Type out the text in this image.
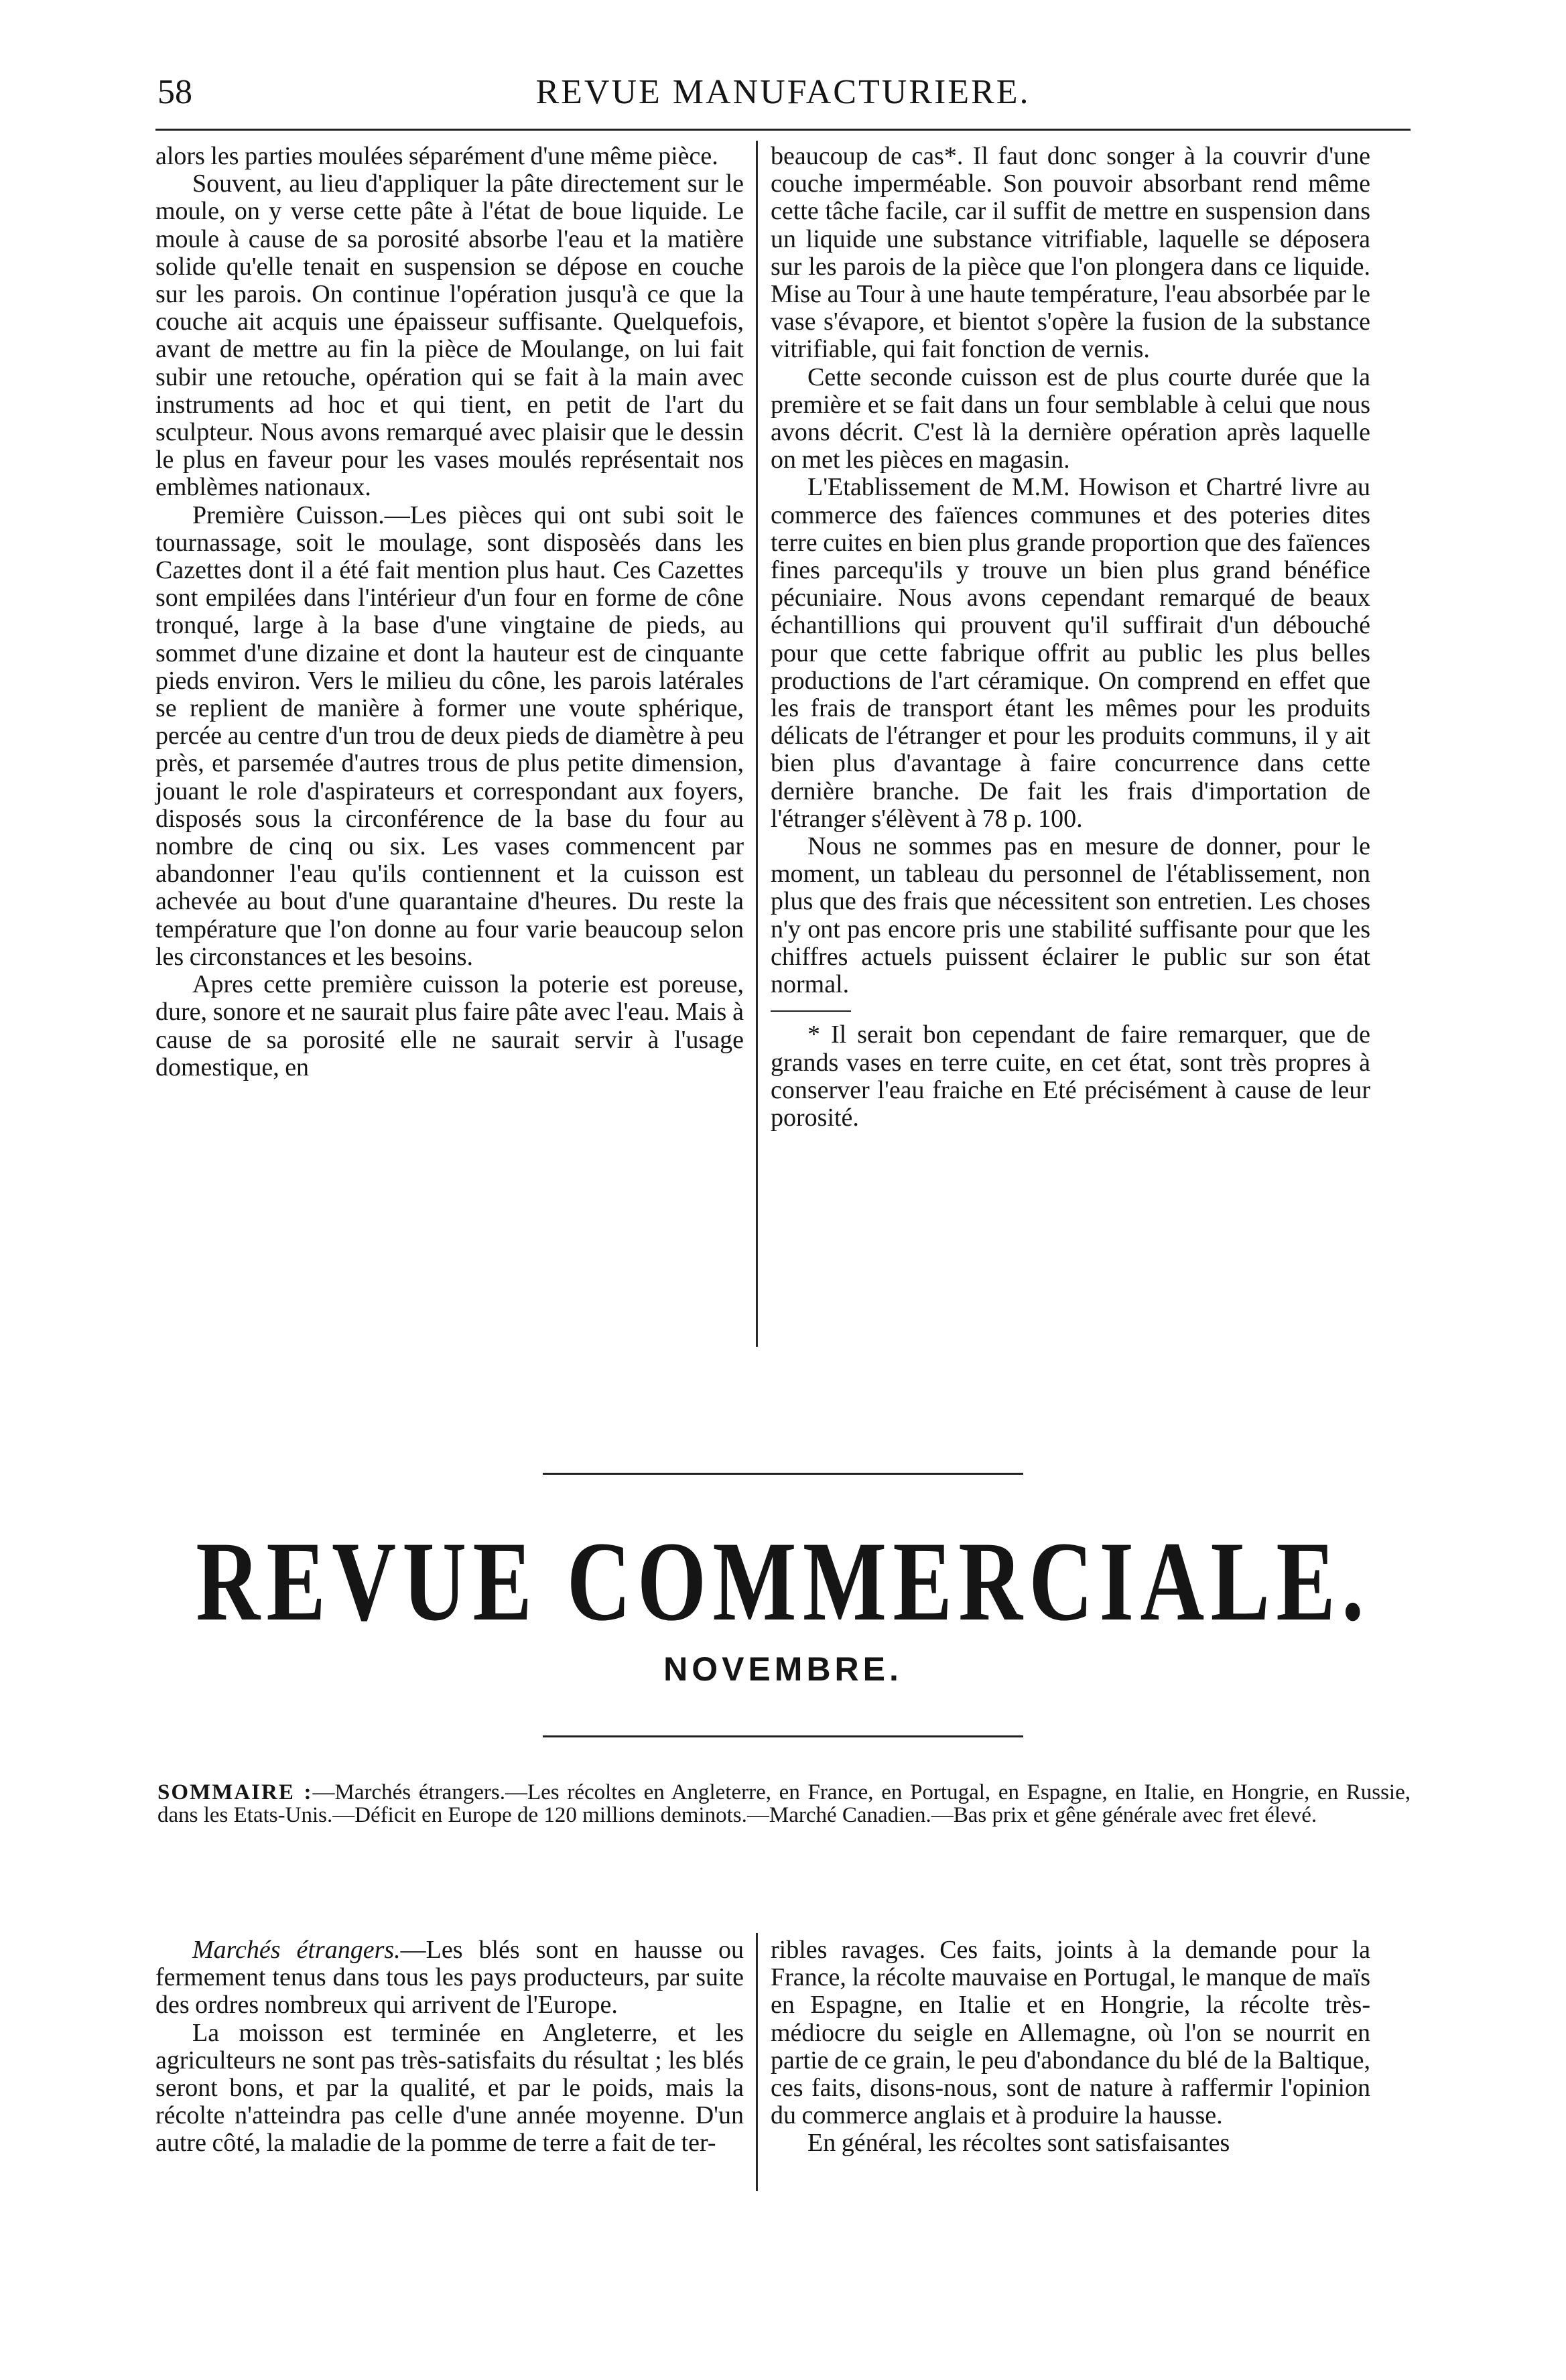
58	REVUE MANUFACTURIERE.

alors les parties moulées séparément d'une même pièce.

Souvent, au lieu d'appliquer la pâte directement sur le moule, on y verse cette pâte à l'état de boue liquide. Le moule à cause de sa porosité absorbe l'eau et la matière solide qu'elle tenait en suspension se dépose en couche sur les parois. On continue l'opération jusqu'à ce que la couche ait acquis une épaisseur suffisante. Quelquefois, avant de mettre au fin la pièce de Moulange, on lui fait subir une retouche, opération qui se fait à la main avec instruments ad hoc et qui tient, en petit de l'art du sculpteur. Nous avons remarqué avec plaisir que le dessin le plus en faveur pour les vases moulés représentait nos emblèmes nationaux.

Première Cuisson.—Les pièces qui ont subi soit le tournassage, soit le moulage, sont disposèés dans les Cazettes dont il a été fait mention plus haut. Ces Cazettes sont empilées dans l'intérieur d'un four en forme de cône tronqué, large à la base d'une vingtaine de pieds, au sommet d'une dizaine et dont la hauteur est de cinquante pieds environ. Vers le milieu du cône, les parois latérales se replient de manière à former une voute sphérique, percée au centre d'un trou de deux pieds de diamètre à peu près, et parsemée d'autres trous de plus petite dimension, jouant le role d'aspirateurs et correspondant aux foyers, disposés sous la circonférence de la base du four au nombre de cinq ou six. Les vases commencent par abandonner l'eau qu'ils contiennent et la cuisson est achevée au bout d'une quarantaine d'heures. Du reste la température que l'on donne au four varie beaucoup selon les circonstances et les besoins.

Apres cette première cuisson la poterie est poreuse, dure, sonore et ne saurait plus faire pâte avec l'eau. Mais à cause de sa porosité elle ne saurait servir à l'usage domestique, en

beaucoup de cas*. Il faut donc songer à la couvrir d'une couche imperméable. Son pouvoir absorbant rend même cette tâche facile, car il suffit de mettre en suspension dans un liquide une substance vitrifiable, laquelle se déposera sur les parois de la pièce que l'on plongera dans ce liquide. Mise au Tour à une haute température, l'eau absorbée par le vase s'évapore, et bientot s'opère la fusion de la substance vitrifiable, qui fait fonction de vernis.

Cette seconde cuisson est de plus courte durée que la première et se fait dans un four semblable à celui que nous avons décrit. C'est là la dernière opération après laquelle on met les pièces en magasin.

L'Etablissement de M.M. Howison et Chartré livre au commerce des faïences communes et des poteries dites terre cuites en bien plus grande proportion que des faïences fines parcequ'ils y trouve un bien plus grand bénéfice pécuniaire. Nous avons cependant remarqué de beaux échantillions qui prouvent qu'il suffirait d'un débouché pour que cette fabrique offrit au public les plus belles productions de l'art céramique. On comprend en effet que les frais de transport étant les mêmes pour les produits délicats de l'étranger et pour les produits communs, il y ait bien plus d'avantage à faire concurrence dans cette dernière branche. De fait les frais d'importation de l'étranger s'élèvent à 78 p. 100.

Nous ne sommes pas en mesure de donner, pour le moment, un tableau du personnel de l'établissement, non plus que des frais que nécessitent son entretien. Les choses n'y ont pas encore pris une stabilité suffisante pour que les chiffres actuels puissent éclairer le public sur son état normal.

* Il serait bon cependant de faire remarquer, que de grands vases en terre cuite, en cet état, sont très propres à conserver l'eau fraiche en Eté précisément à cause de leur porosité.

REVUE COMMERCIALE.
NOVEMBRE.
SOMMAIRE :—Marchés étrangers.—Les récoltes en Angleterre, en France, en Portugal, en Espagne, en Italie, en Hongrie, en Russie, dans les Etats-Unis.—Déficit en Europe de 120 millions deminots.—Marché Canadien.—Bas prix et gêne générale avec fret élevé.

Marchés étrangers.—Les blés sont en hausse ou fermement tenus dans tous les pays producteurs, par suite des ordres nombreux qui arrivent de l'Europe.

La moisson est terminée en Angleterre, et les agriculteurs ne sont pas très-satisfaits du résultat ; les blés seront bons, et par la qualité, et par le poids, mais la récolte n'atteindra pas celle d'une année moyenne. D'un autre côté, la maladie de la pomme de terre a fait de ter-

ribles ravages. Ces faits, joints à la demande pour la France, la récolte mauvaise en Portugal, le manque de maïs en Espagne, en Italie et en Hongrie, la récolte très-médiocre du seigle en Allemagne, où l'on se nourrit en partie de ce grain, le peu d'abondance du blé de la Baltique, ces faits, disons-nous, sont de nature à raffermir l'opinion du commerce anglais et à produire la hausse.

En général, les récoltes sont satisfaisantes
